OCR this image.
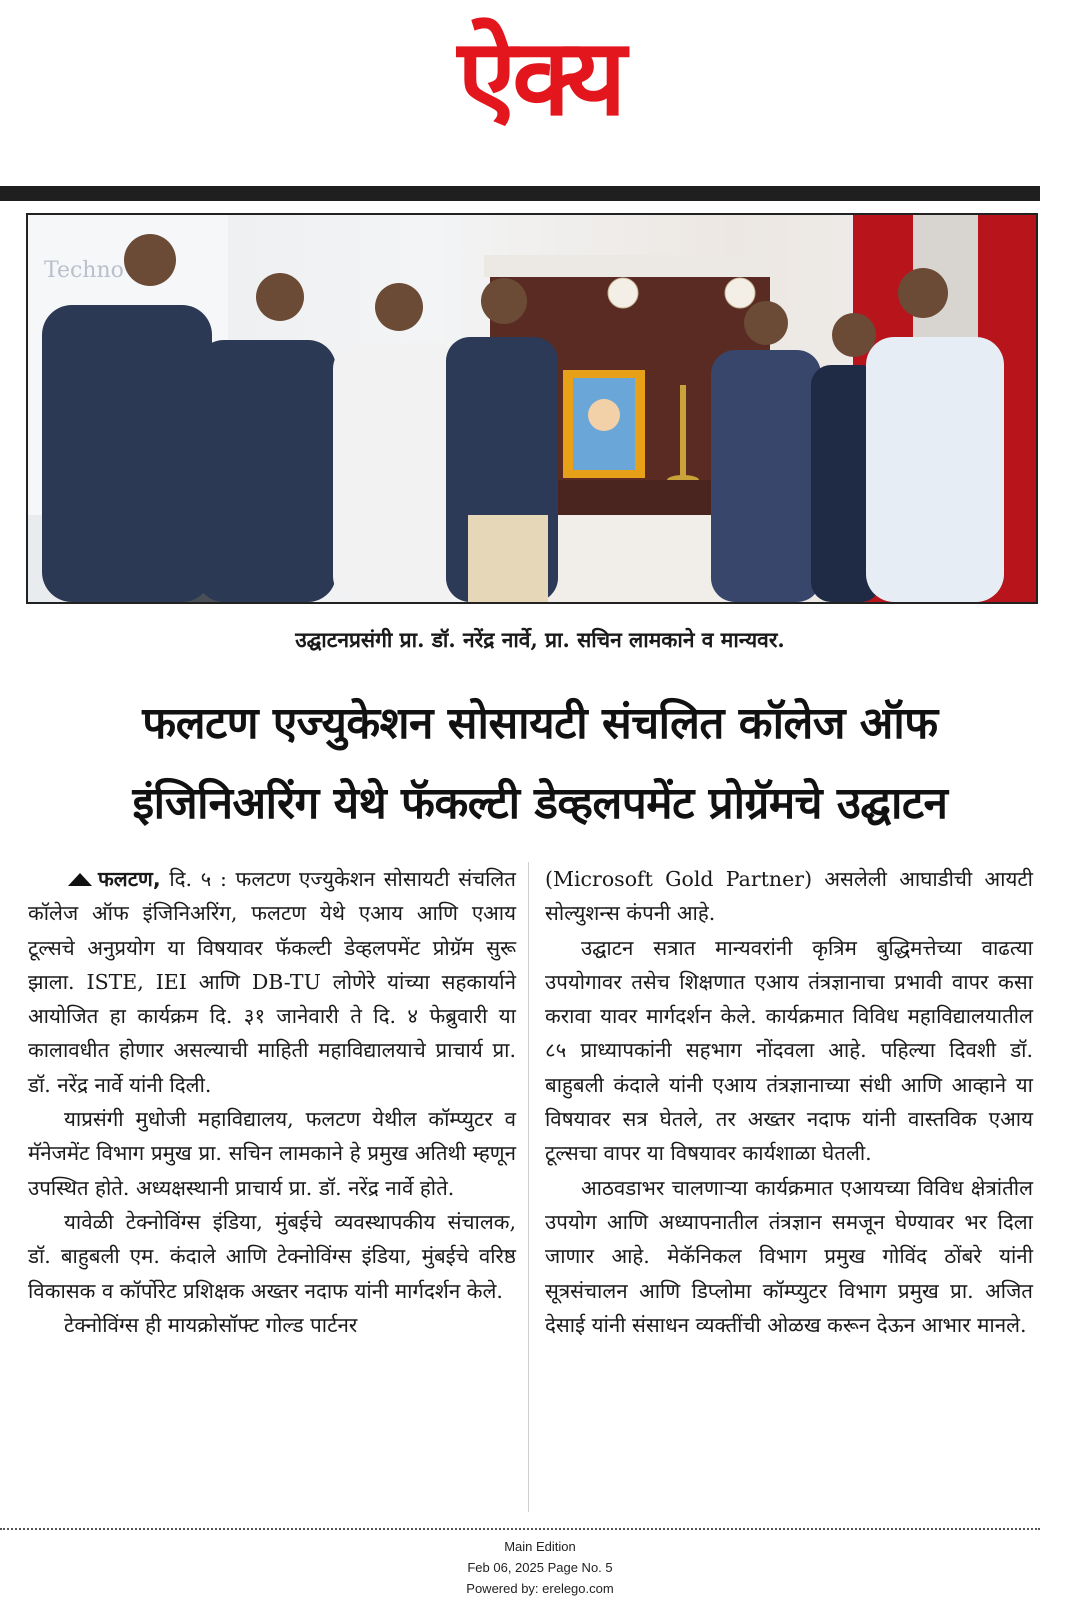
ऐक्य
Techno
उद्घाटनप्रसंगी प्रा. डॉ. नरेंद्र नार्वे, प्रा. सचिन लामकाने व मान्यवर.
फलटण एज्युकेशन सोसायटी संचलित कॉलेज ऑफ
इंजिनिअरिंग येथे फॅकल्टी डेव्हलपमेंट प्रोग्रॅमचे उद्घाटन

फलटण, दि. ५ : फलटण एज्युकेशन सोसायटी संचलित कॉलेज ऑफ इंजिनिअरिंग, फलटण येथे एआय आणि एआय टूल्सचे अनुप्रयोग या विषयावर फॅकल्टी डेव्हलपमेंट प्रोग्रॅम सुरू झाला. ISTE, IEI आणि DB-TU लोणेरे यांच्या सहकार्याने आयोजित हा कार्यक्रम दि. ३१ जानेवारी ते दि. ४ फेब्रुवारी या कालावधीत होणार असल्याची माहिती महाविद्यालयाचे प्राचार्य प्रा. डॉ. नरेंद्र नार्वे यांनी दिली.

याप्रसंगी मुधोजी महाविद्यालय, फलटण येथील कॉम्प्युटर व मॅनेजमेंट विभाग प्रमुख प्रा. सचिन लामकाने हे प्रमुख अतिथी म्हणून उपस्थित होते. अध्यक्षस्थानी प्राचार्य प्रा. डॉ. नरेंद्र नार्वे होते.

यावेळी टेक्नोविंग्स इंडिया, मुंबईचे व्यवस्थापकीय संचालक, डॉ. बाहुबली एम. कंदाले आणि टेक्नोविंग्स इंडिया, मुंबईचे वरिष्ठ विकासक व कॉर्पोरेट प्रशिक्षक अख्तर नदाफ यांनी मार्गदर्शन केले.

टेक्नोविंग्स ही मायक्रोसॉफ्ट गोल्ड पार्टनर

(Microsoft Gold Partner) असलेली आघाडीची आयटी सोल्युशन्स कंपनी आहे.

उद्घाटन सत्रात मान्यवरांनी कृत्रिम बुद्धिमत्तेच्या वाढत्या उपयोगावर तसेच शिक्षणात एआय तंत्रज्ञानाचा प्रभावी वापर कसा करावा यावर मार्गदर्शन केले. कार्यक्रमात विविध महाविद्यालयातील ८५ प्राध्यापकांनी सहभाग नोंदवला आहे. पहिल्या दिवशी डॉ. बाहुबली कंदाले यांनी एआय तंत्रज्ञानाच्या संधी आणि आव्हाने या विषयावर सत्र घेतले, तर अख्तर नदाफ यांनी वास्तविक एआय टूल्सचा वापर या विषयावर कार्यशाळा घेतली.

आठवडाभर चालणाऱ्या कार्यक्रमात एआयच्या विविध क्षेत्रांतील उपयोग आणि अध्यापनातील तंत्रज्ञान समजून घेण्यावर भर दिला जाणार आहे. मेकॅनिकल विभाग प्रमुख गोविंद ठोंबरे यांनी सूत्रसंचालन आणि डिप्लोमा कॉम्प्युटर विभाग प्रमुख प्रा. अजित देसाई यांनी संसाधन व्यक्तींची ओळख करून देऊन आभार मानले.

Main Edition
Feb 06, 2025 Page No. 5
Powered by: erelego.com
